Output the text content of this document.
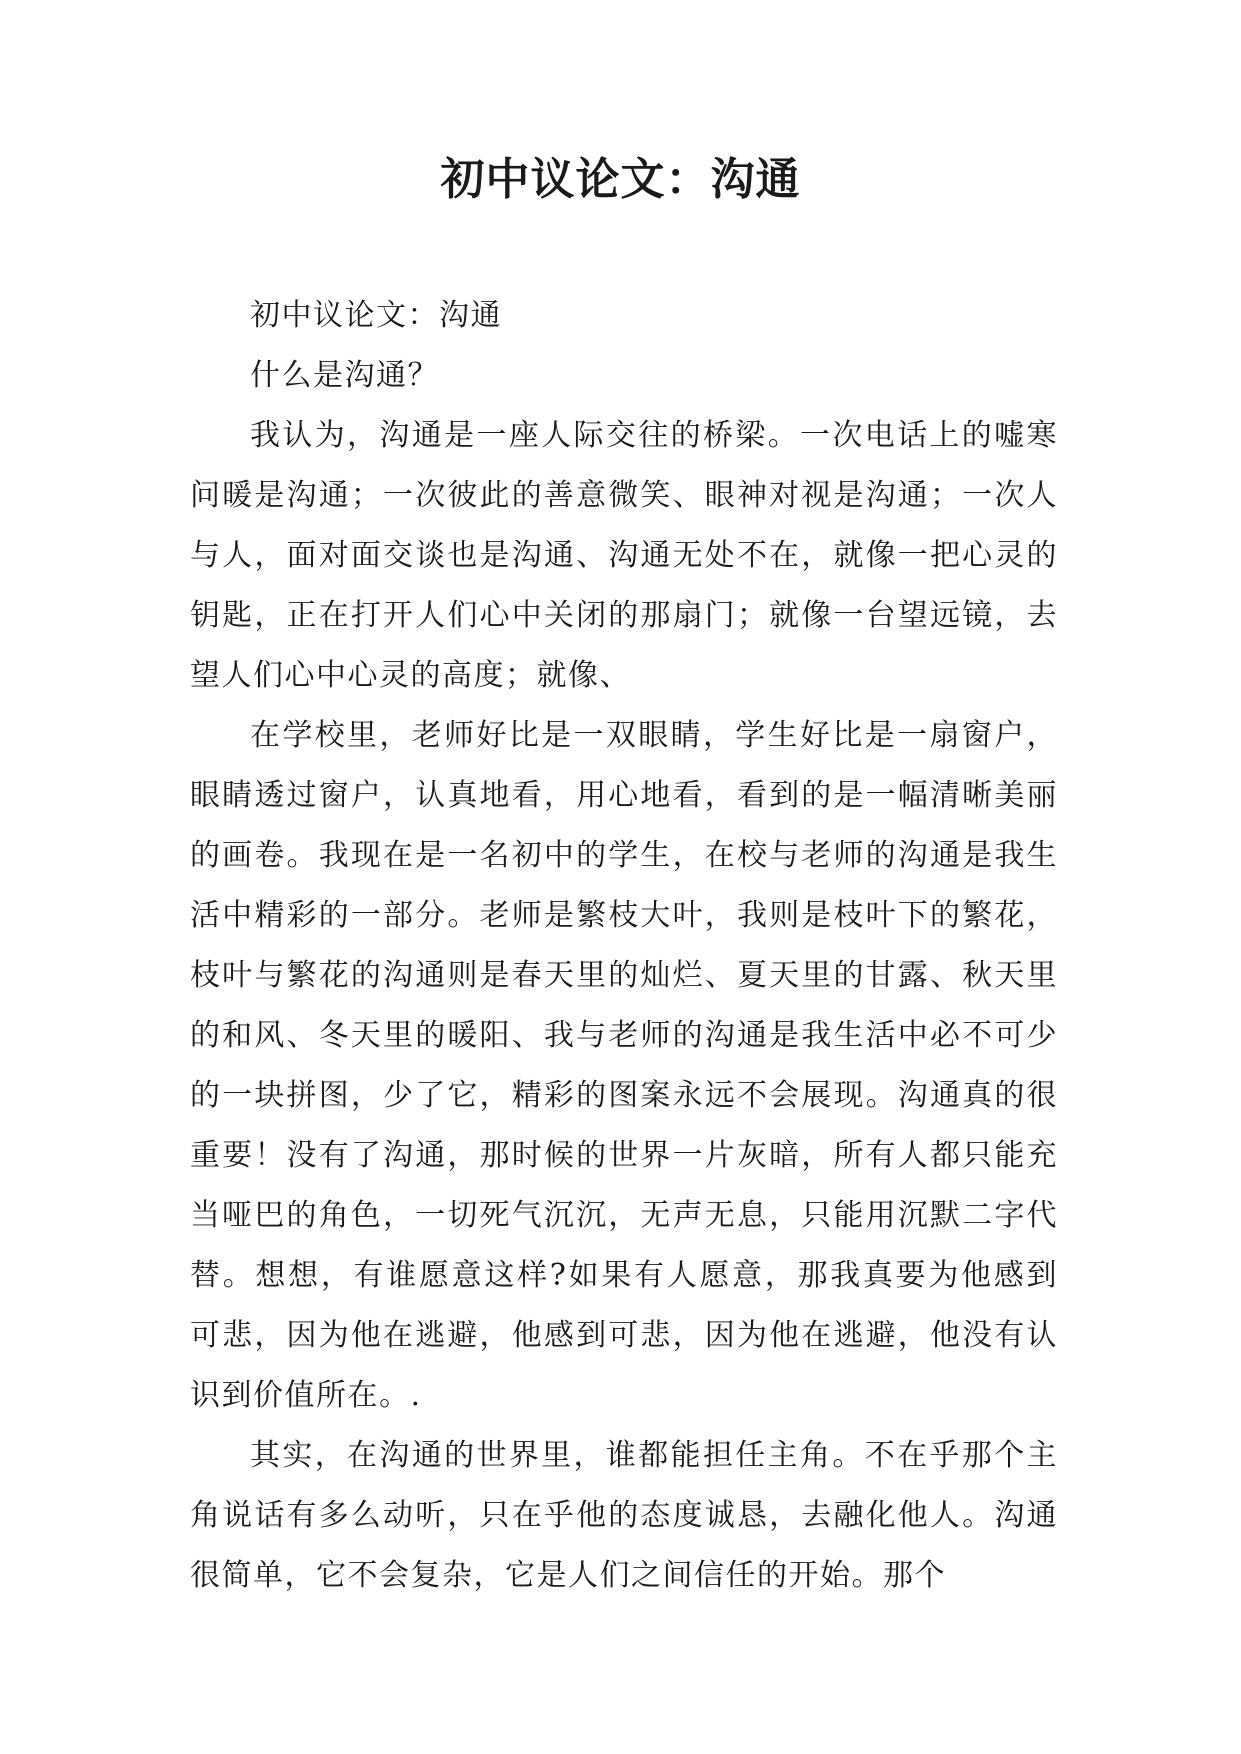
初中议论文：沟通

初中议论文：沟通

什么是沟通？

我认为，沟通是一座人际交往的桥梁。一次电话上的嘘寒问暖是沟通；一次彼此的善意微笑、眼神对视是沟通；一次人与人，面对面交谈也是沟通、沟通无处不在，就像一把心灵的钥匙，正在打开人们心中关闭的那扇门；就像一台望远镜，去望人们心中心灵的高度；就像、

在学校里，老师好比是一双眼睛，学生好比是一扇窗户，眼睛透过窗户，认真地看，用心地看，看到的是一幅清晰美丽的画卷。我现在是一名初中的学生，在校与老师的沟通是我生活中精彩的一部分。老师是繁枝大叶，我则是枝叶下的繁花，枝叶与繁花的沟通则是春天里的灿烂、夏天里的甘露、秋天里的和风、冬天里的暖阳、我与老师的沟通是我生活中必不可少的一块拼图，少了它，精彩的图案永远不会展现。沟通真的很重要！没有了沟通，那时候的世界一片灰暗，所有人都只能充当哑巴的角色，一切死气沉沉，无声无息，只能用沉默二字代替。想想，有谁愿意这样?如果有人愿意，那我真要为他感到可悲，因为他在逃避，他感到可悲，因为他在逃避，他没有认识到价值所在。.

其实，在沟通的世界里，谁都能担任主角。不在乎那个主角说话有多么动听，只在乎他的态度诚恳，去融化他人。沟通很简单，它不会复杂，它是人们之间信任的开始。那个
